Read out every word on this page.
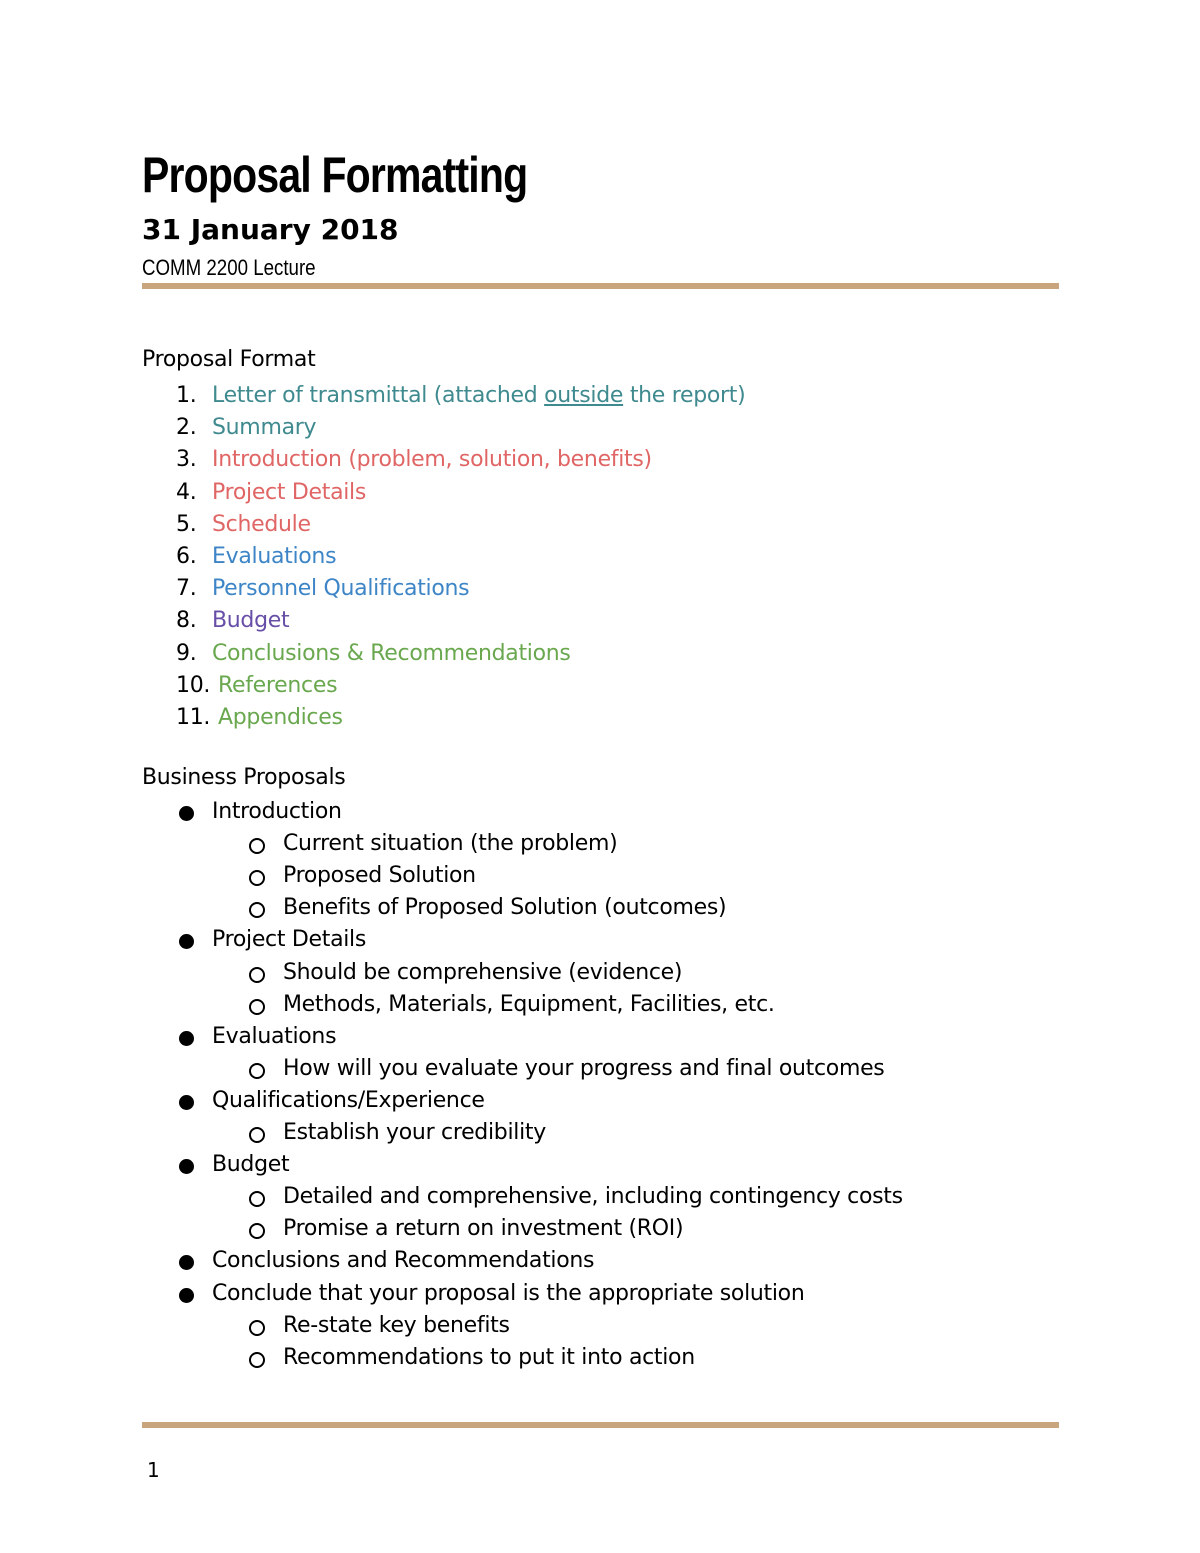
Proposal Formatting
31 January 2018
COMM 2200 Lecture
Proposal Format
1. Letter of transmittal (attached outside the report)
2. Summary
3. Introduction (problem, solution, benefits)
4. Project Details
5. Schedule
6. Evaluations
7. Personnel Qualifications
8. Budget
9. Conclusions & Recommendations
10. References
11. Appendices
Business Proposals
Introduction
Current situation (the problem)
Proposed Solution
Benefits of Proposed Solution (outcomes)
Project Details
Should be comprehensive (evidence)
Methods, Materials, Equipment, Facilities, etc.
Evaluations
How will you evaluate your progress and final outcomes
Qualifications/Experience
Establish your credibility
Budget
Detailed and comprehensive, including contingency costs
Promise a return on investment (ROI)
Conclusions and Recommendations
Conclude that your proposal is the appropriate solution
Re-state key benefits
Recommendations to put it into action
1
